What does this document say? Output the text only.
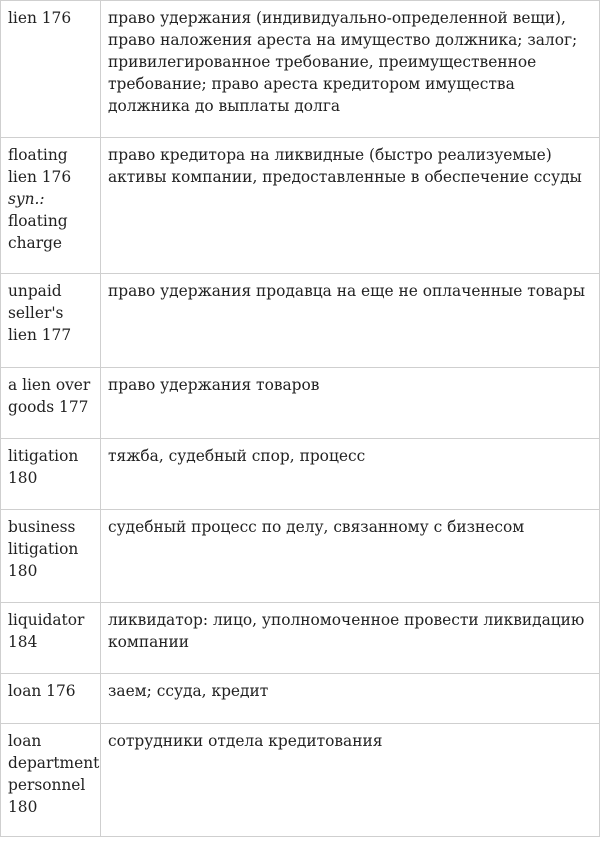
lien 176	право удержания (индивидуально-определенной вещи), право наложения ареста на имущество должника; залог; привилегированное требование, преимущественное требование; право ареста кредитором имущества должника до выплаты долга
floating lien 176 syn.: floating charge	право кредитора на ликвидные (быстро реализуемые) активы компании, предоставленные в обеспечение ссуды
unpaid seller's lien 177	право удержания продавца на еще не оплаченные товары
a lien over goods 177	право удержания товаров
litigation 180	тяжба, судебный спор, процесс
business litigation 180	судебный процесс по делу, связанному с бизнесом
liquidator 184	ликвидатор: лицо, уполномоченное провести ликвидацию компании
loan 176	заем; ссуда, кредит
loan department personnel 180	сотрудники отдела кредитования
